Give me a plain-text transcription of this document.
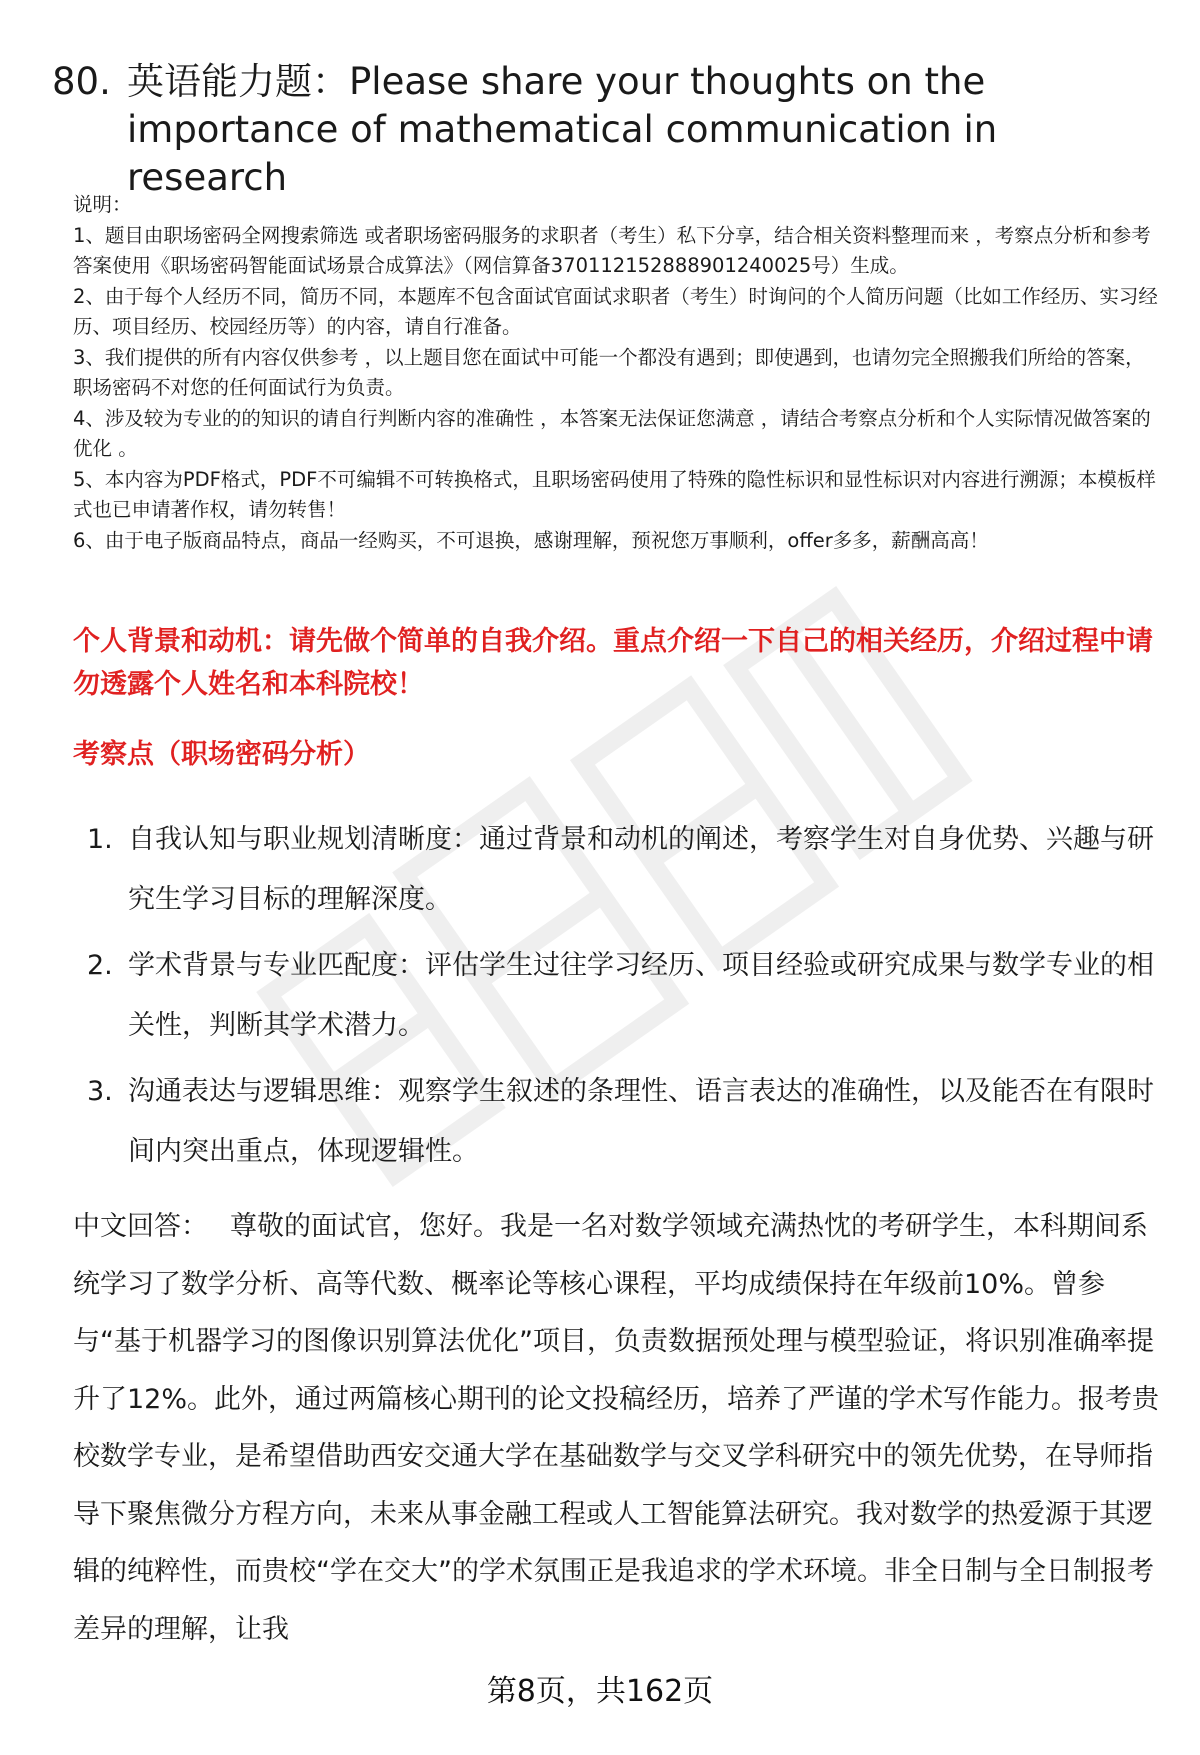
80. 英语能力题：Please share your thoughts on the importance of mathematical communication in research
说明：
1、题目由职场密码全网搜索筛选 或者职场密码服务的求职者（考生）私下分享，结合相关资料整理而来 ，考察点分析和参考答案使用《职场密码智能面试场景合成算法》（网信算备370112152888901240025号）生成。
2、由于每个人经历不同，简历不同，本题库不包含面试官面试求职者（考生）时询问的个人简历问题（比如工作经历、实习经历、项目经历、校园经历等）的内容，请自行准备。
3、我们提供的所有内容仅供参考 ，以上题目您在面试中可能一个都没有遇到；即使遇到，也请勿完全照搬我们所给的答案，职场密码不对您的任何面试行为负责。
4、涉及较为专业的的知识的请自行判断内容的准确性 ，本答案无法保证您满意 ，请结合考察点分析和个人实际情况做答案的优化 。
5、本内容为PDF格式，PDF不可编辑不可转换格式，且职场密码使用了特殊的隐性标识和显性标识对内容进行溯源；本模板样式也已申请著作权，请勿转售！
6、由于电子版商品特点，商品一经购买，不可退换，感谢理解，预祝您万事顺利，offer多多，薪酬高高！
个人背景和动机：请先做个简单的自我介绍。重点介绍一下自己的相关经历，介绍过程中请勿透露个人姓名和本科院校！
考察点（职场密码分析）
1. 自我认知与职业规划清晰度：通过背景和动机的阐述，考察学生对自身优势、兴趣与研究生学习目标的理解深度。
2. 学术背景与专业匹配度：评估学生过往学习经历、项目经验或研究成果与数学专业的相关性，判断其学术潜力。
3. 沟通表达与逻辑思维：观察学生叙述的条理性、语言表达的准确性，以及能否在有限时间内突出重点，体现逻辑性。
中文回答： 尊敬的面试官，您好。我是一名对数学领域充满热忱的考研学生，本科期间系统学习了数学分析、高等代数、概率论等核心课程，平均成绩保持在年级前10%。曾参与“基于机器学习的图像识别算法优化”项目，负责数据预处理与模型验证，将识别准确率提升了12%。此外，通过两篇核心期刊的论文投稿经历，培养了严谨的学术写作能力。报考贵校数学专业，是希望借助西安交通大学在基础数学与交叉学科研究中的领先优势，在导师指导下聚焦微分方程方向，未来从事金融工程或人工智能算法研究。我对数学的热爱源于其逻辑的纯粹性，而贵校“学在交大”的学术氛围正是我追求的学术环境。非全日制与全日制报考差异的理解，让我
第8页，共162页
